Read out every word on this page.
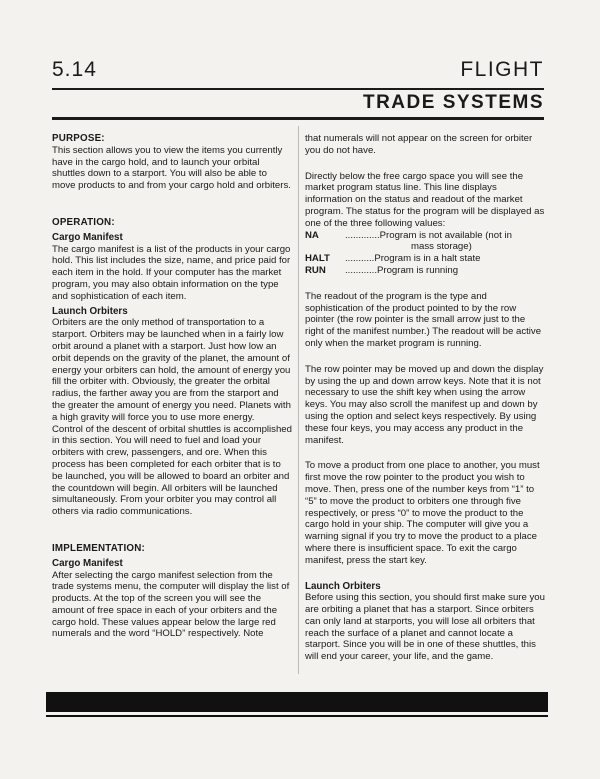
5.14	FLIGHT
TRADE SYSTEMS

PURPOSE:

This section allows you to view the items you currently have in the cargo hold, and to launch your orbital shuttles down to a starport. You will also be able to move products to and from your cargo hold and orbiters.

OPERATION:

Cargo Manifest

The cargo manifest is a list of the products in your cargo hold. This list includes the size, name, and price paid for each item in the hold. If your computer has the market program, you may also obtain information on the type and sophistication of each item.

Launch Orbiters

Orbiters are the only method of transportation to a starport. Orbiters may be launched when in a fairly low orbit around a planet with a starport. Just how low an orbit depends on the gravity of the planet, the amount of energy your orbiters can hold, the amount of energy you fill the orbiter with. Obviously, the greater the orbital radius, the farther away you are from the starport and the greater the amount of energy you need. Planets with a high gravity will force you to use more energy.

Control of the descent of orbital shuttles is accomplished in this section. You will need to fuel and load your orbiters with crew, passengers, and ore. When this process has been completed for each orbiter that is to be launched, you will be allowed to board an orbiter and the countdown will begin. All orbiters will be launched simultaneously. From your orbiter you may control all others via radio communications.

IMPLEMENTATION:

Cargo Manifest

After selecting the cargo manifest selection from the trade systems menu, the computer will display the list of products. At the top of the screen you will see the amount of free space in each of your orbiters and the cargo hold. These values appear below the large red numerals and the word “HOLD” respectively. Note

that numerals will not appear on the screen for orbiter you do not have.

Directly below the free cargo space you will see the market program status line. This line displays information on the status and readout of the market program. The status for the program will be displayed as one of the three following values:

NA	............. Program is not available (not in
mass storage)
HALT	........... Program is in a halt state
RUN	............ Program is running

The readout of the program is the type and sophistication of the product pointed to by the row pointer (the row pointer is the small arrow just to the right of the manifest number.) The readout will be active only when the market program is running.

The row pointer may be moved up and down the display by using the up and down arrow keys. Note that it is not necessary to use the shift key when using the arrow keys. You may also scroll the manifest up and down by using the option and select keys respectively. By using these four keys, you may access any product in the manifest.

To move a product from one place to another, you must first move the row pointer to the product you wish to move. Then, press one of the number keys from “1” to “5” to move the product to orbiters one through five respectively, or press “0” to move the product to the cargo hold in your ship. The computer will give you a warning signal if you try to move the product to a place where there is insufficient space. To exit the cargo manifest, press the start key.

Launch Orbiters

Before using this section, you should first make sure you are orbiting a planet that has a starport. Since orbiters can only land at starports, you will lose all orbiters that reach the surface of a planet and cannot locate a starport. Since you will be in one of these shuttles, this will end your career, your life, and the game.
